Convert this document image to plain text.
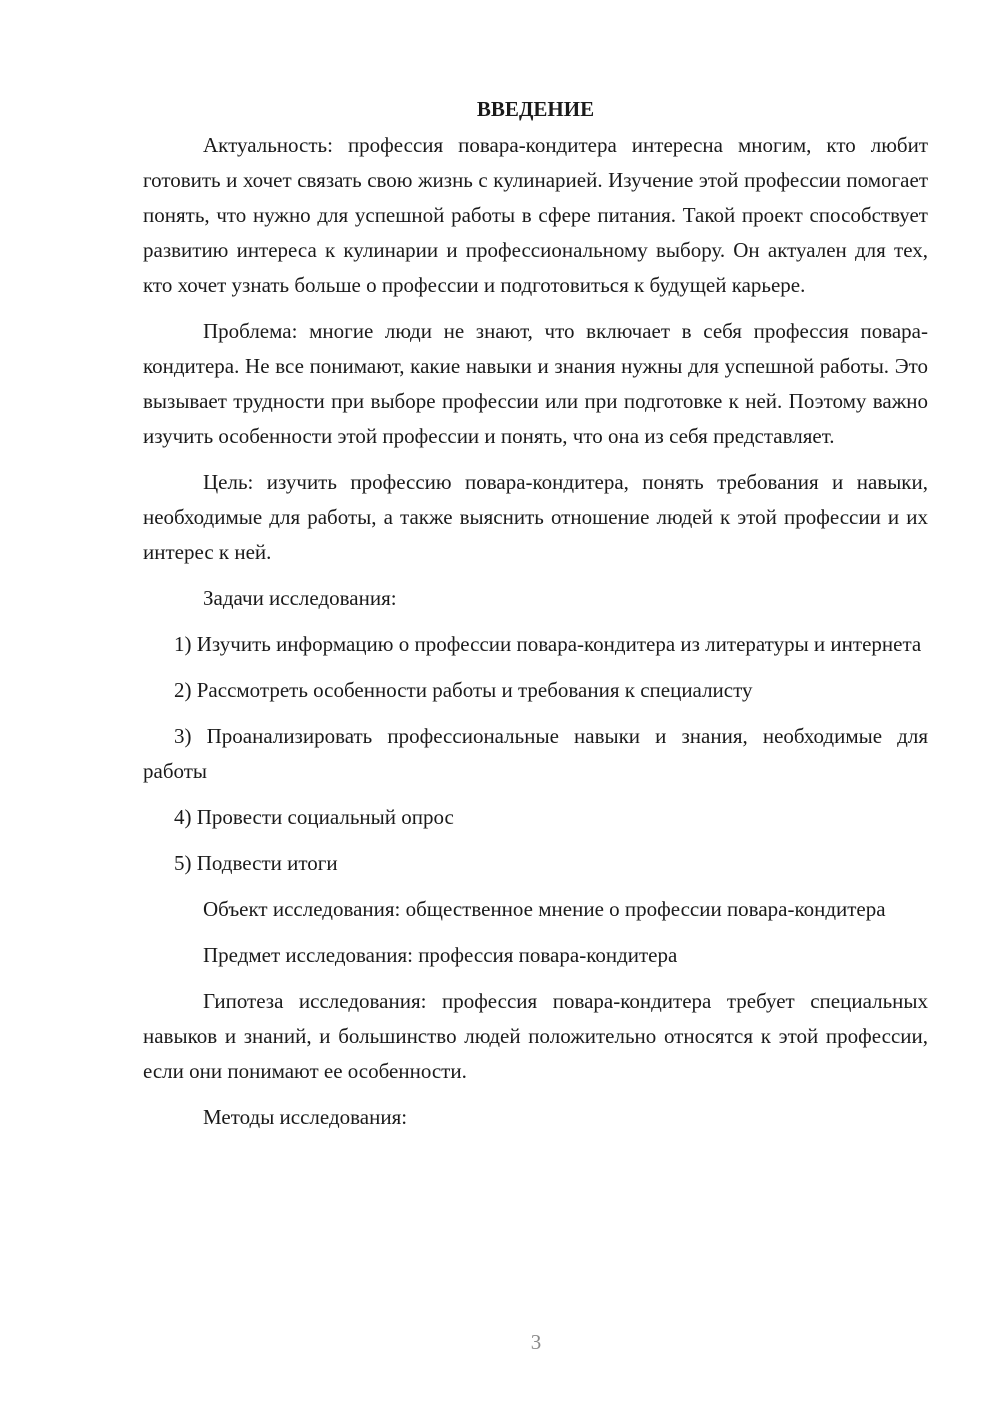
ВВЕДЕНИЕ

Актуальность: профессия повара-кондитера интересна многим, кто любит готовить и хочет связать свою жизнь с кулинарией. Изучение этой профессии помогает понять, что нужно для успешной работы в сфере питания. Такой проект способствует развитию интереса к кулинарии и профессиональному выбору. Он актуален для тех, кто хочет узнать больше о профессии и подготовиться к будущей карьере.

Проблема: многие люди не знают, что включает в себя профессия повара-кондитера. Не все понимают, какие навыки и знания нужны для успешной работы. Это вызывает трудности при выборе профессии или при подготовке к ней. Поэтому важно изучить особенности этой профессии и понять, что она из себя представляет.

Цель: изучить профессию повара-кондитера, понять требования и навыки, необходимые для работы, а также выяснить отношение людей к этой профессии и их интерес к ней.

Задачи исследования:

1) Изучить информацию о профессии повара-кондитера из литературы и интернета

2) Рассмотреть особенности работы и требования к специалисту

3) Проанализировать профессиональные навыки и знания, необходимые для работы

4) Провести социальный опрос

5) Подвести итоги

Объект исследования: общественное мнение о профессии повара-кондитера

Предмет исследования: профессия повара-кондитера

Гипотеза исследования: профессия повара-кондитера требует специальных навыков и знаний, и большинство людей положительно относятся к этой профессии, если они понимают ее особенности.

Методы исследования:

3
